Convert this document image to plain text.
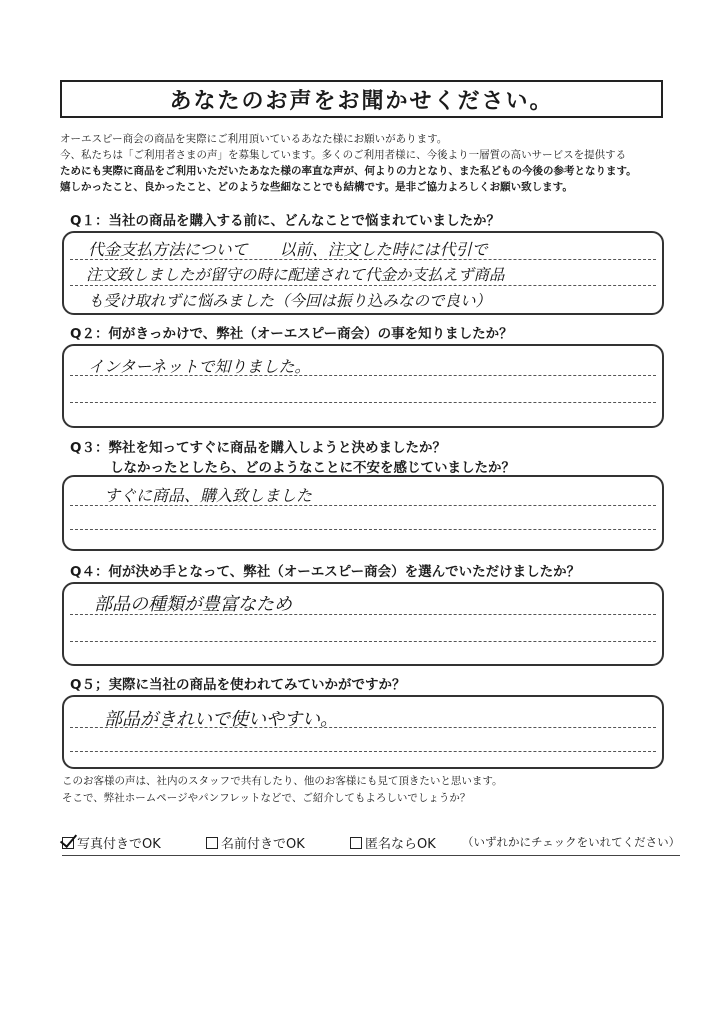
あなたのお声をお聞かせください。
オーエスピー商会の商品を実際にご利用頂いているあなた様にお願いがあります。
今、私たちは「ご利用者さまの声」を募集しています。多くのご利用者様に、今後より一層質の高いサービスを提供する
ためにも実際に商品をご利用いただいたあなた様の率直な声が、何よりの力となり、また私どもの今後の参考となります。
嬉しかったこと、良かったこと、どのような些細なことでも結構です。是非ご協力よろしくお願い致します。
Q１：当社の商品を購入する前に、どんなことで悩まれていましたか？
代金支払方法について　　以前、注文した時には代引で
注文致しましたが留守の時に配達されて代金か支払えず商品
も受け取れずに悩みました（今回は振り込みなので良い）
Q２：何がきっかけで、弊社（オーエスピー商会）の事を知りましたか？
インターネットで知りました。
Q３：弊社を知ってすぐに商品を購入しようと決めましたか？
しなかったとしたら、どのようなことに不安を感じていましたか？
すぐに商品、購入致しました
Q４：何が決め手となって、弊社（オーエスピー商会）を選んでいただけましたか？
部品の種類が豊富なため
Q５；実際に当社の商品を使われてみていかがですか？
部品がきれいで使いやすい。
このお客様の声は、社内のスタッフで共有したり、他のお客様にも見て頂きたいと思います。
そこで、弊社ホームページやパンフレットなどで、ご紹介してもよろしいでしょうか？
写真付きでOK	名前付きでOK	匿名ならOK （いずれかにチェックをいれてください）
